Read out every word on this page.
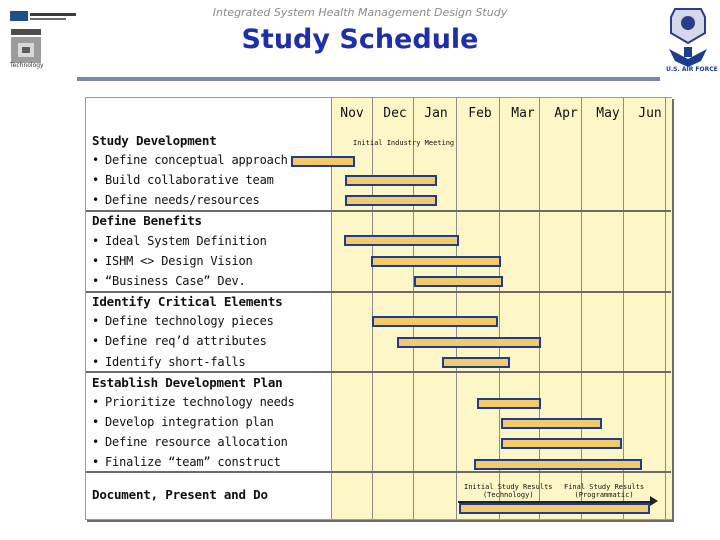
Integrated System Health Management Design Study
Study Schedule
Consensus
Technology
U.S. AIR FORCE
Nov	Dec	Jan	Feb	Mar	Apr	May	Jun
Study Development	Initial Industry Meeting
• Define conceptual approach
• Build collaborative team
• Define needs/resources
Define Benefits
• Ideal System Definition
• ISHM <> Design Vision
• “Business Case” Dev.
Identify Critical Elements
• Define technology pieces
• Define req’d attributes
• Identify short-falls
Establish Development Plan
• Prioritize technology needs
• Develop integration plan
• Define resource allocation
• Finalize “team” construct
Document, Present and Do	Initial Study Results
(Technology)
Final Study Results
(Programmatic)
